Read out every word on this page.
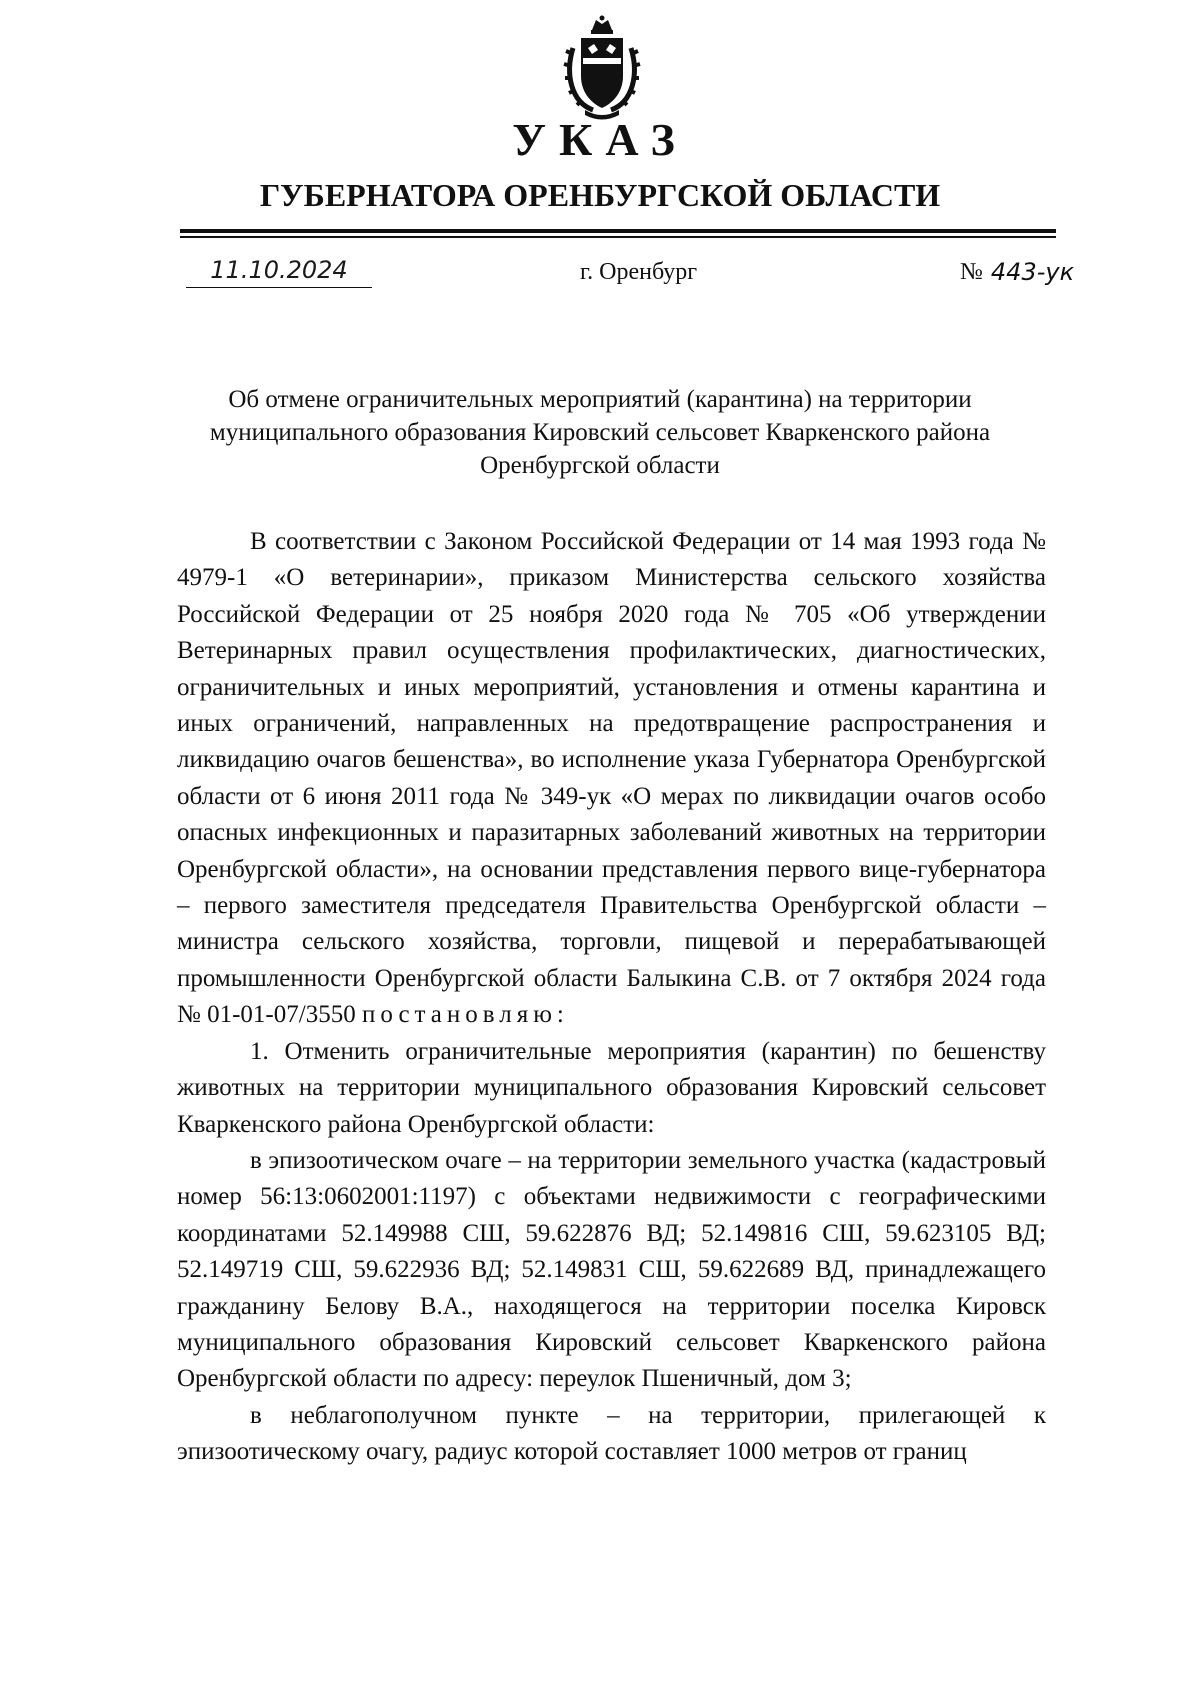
УКАЗ
ГУБЕРНАТОРА ОРЕНБУРГСКОЙ ОБЛАСТИ
11.10.2024	г. Оренбург	№ 443-ук
Об отмене ограничительных мероприятий (карантина) на территории муниципального образования Кировский сельсовет Кваркенского района Оренбургской области

В соответствии с Законом Российской Федерации от 14 мая 1993 года № 4979-1 «О ветеринарии», приказом Министерства сельского хозяйства Российской Федерации от 25 ноября 2020 года № 705 «Об утверждении Ветеринарных правил осуществления профилактических, диагностических, ограничительных и иных мероприятий, установления и отмены карантина и иных ограничений, направленных на предотвращение распространения и ликвидацию очагов бешенства», во исполнение указа Губернатора Оренбургской области от 6 июня 2011 года № 349-ук «О мерах по ликвидации очагов особо опасных инфекционных и паразитарных заболеваний животных на территории Оренбургской области», на основании представления первого вице-губернатора – первого заместителя председателя Правительства Оренбургской области – министра сельского хозяйства, торговли, пищевой и перерабатывающей промышленности Оренбургской области Балыкина С.В. от 7 октября 2024 года № 01-01-07/3550 постановляю:

1. Отменить ограничительные мероприятия (карантин) по бешенству животных на территории муниципального образования Кировский сельсовет Кваркенского района Оренбургской области:

в эпизоотическом очаге – на территории земельного участка (кадастровый номер 56:13:0602001:1197) с объектами недвижимости с географическими координатами 52.149988 СШ, 59.622876 ВД; 52.149816 СШ, 59.623105 ВД; 52.149719 СШ, 59.622936 ВД; 52.149831 СШ, 59.622689 ВД, принадлежащего гражданину Белову В.А., находящегося на территории поселка Кировск муниципального образования Кировский сельсовет Кваркенского района Оренбургской области по адресу: переулок Пшеничный, дом 3;

в неблагополучном пункте – на территории, прилегающей к эпизоотическому очагу, радиус которой составляет 1000 метров от границ
